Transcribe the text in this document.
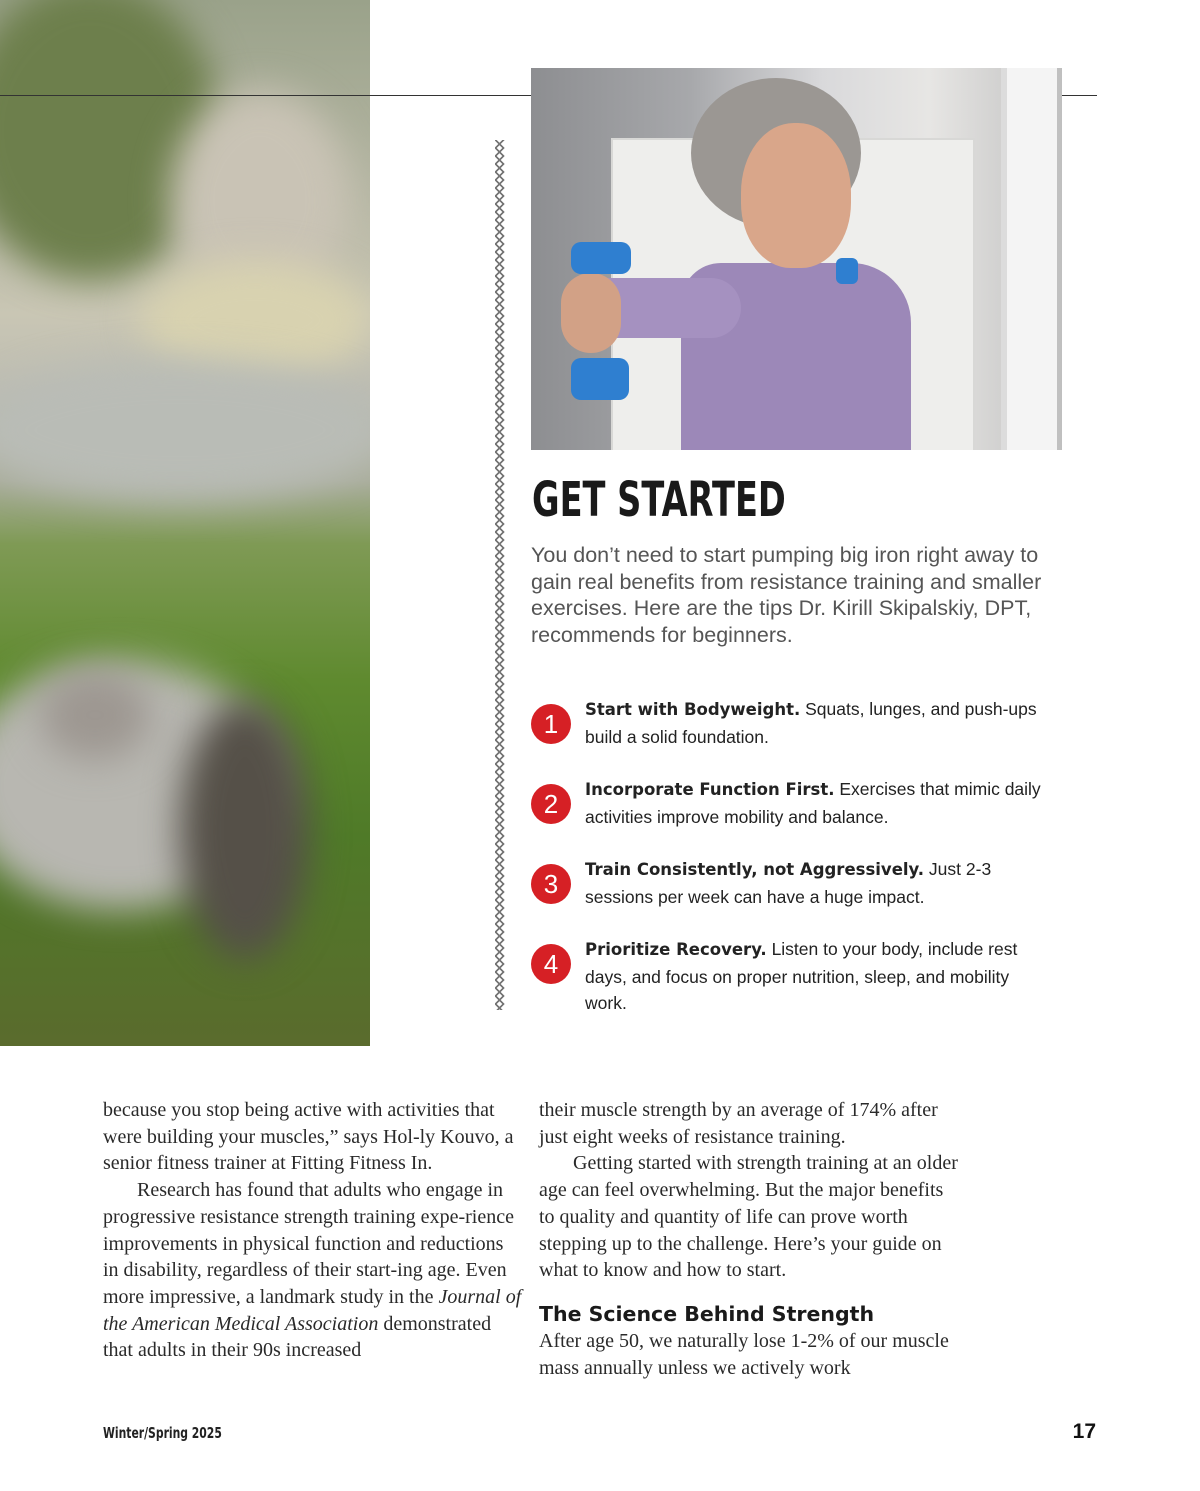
GET STARTED
You don’t need to start pumping big iron right away to gain real benefits from resistance training and smaller exercises. Here are the tips Dr. Kirill Skipalskiy, DPT, recommends for beginners.
1	Start with Bodyweight. Squats, lunges, and push-ups build a solid foundation.
2	Incorporate Function First. Exercises that mimic daily activities improve mobility and balance.
3	Train Consistently, not Aggressively. Just 2-3 sessions per week can have a huge impact.
4	Prioritize Recovery. Listen to your body, include rest days, and focus on proper nutrition, sleep, and mobility work.

because you stop being active with activities that were building your muscles,” says Hol-ly Kouvo, a senior fitness trainer at Fitting Fitness In.

Research has found that adults who engage in progressive resistance strength training expe-rience improvements in physical function and reductions in disability, regardless of their start-ing age. Even more impressive, a landmark study in the Journal of the American Medical Association demonstrated that adults in their 90s increased

their muscle strength by an average of 174% after just eight weeks of resistance training.

Getting started with strength training at an older age can feel overwhelming. But the major benefits to quality and quantity of life can prove worth stepping up to the challenge. Here’s your guide on what to know and how to start.

The Science Behind Strength

After age 50, we naturally lose 1-2% of our muscle mass annually unless we actively work

Winter/Spring 2025	17
